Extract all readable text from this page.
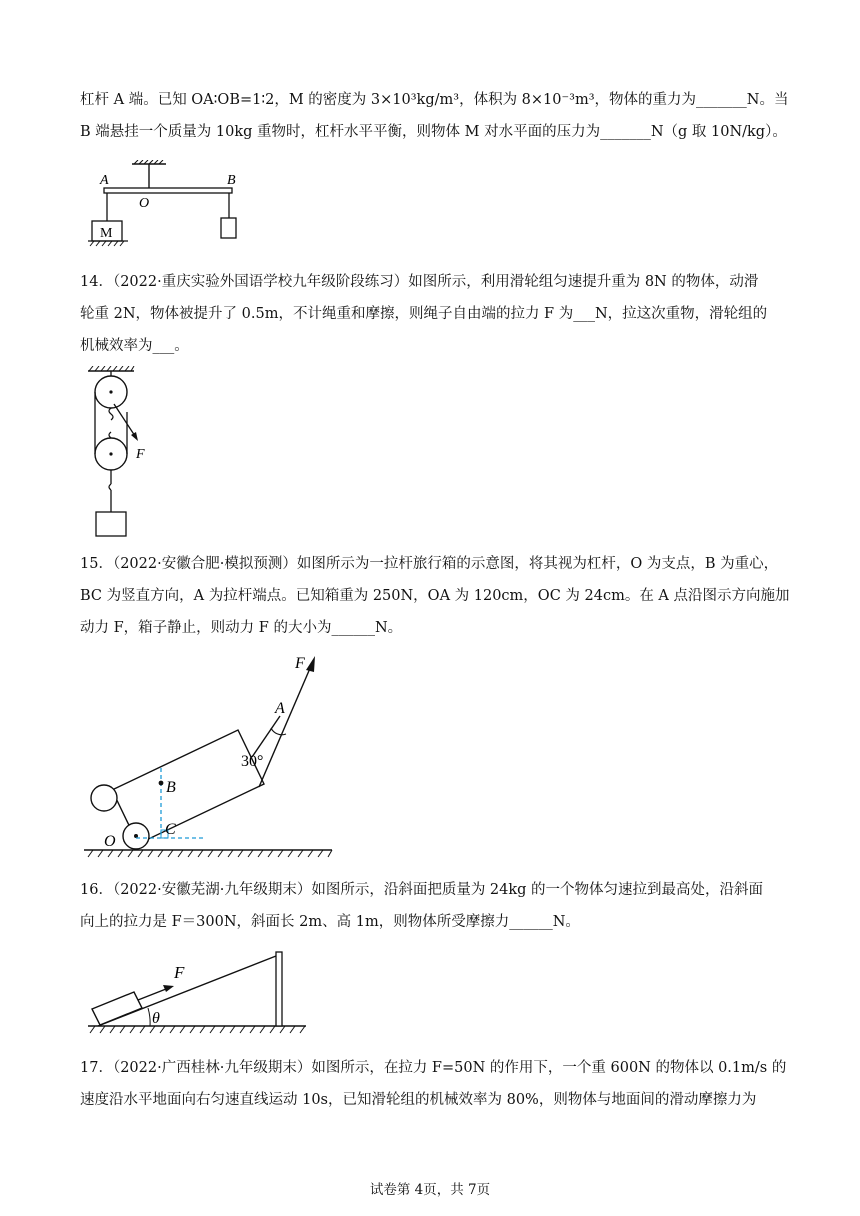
杠杆 A 端。已知 OA∶OB=1∶2，M 的密度为 3×10³kg/m³，体积为 8×10⁻³m³，物体的重力为_______N。当
B 端悬挂一个质量为 10kg 重物时，杠杆水平平衡，则物体 M 对水平面的压力为_______N（g 取 10N/kg）。
A	B
O
M
14．（2022·重庆实验外国语学校九年级阶段练习）如图所示，利用滑轮组匀速提升重为 8N 的物体，动滑
轮重 2N，物体被提升了 0.5m，不计绳重和摩擦，则绳子自由端的拉力 F 为___N，拉这次重物，滑轮组的
机械效率为___。
F
15．（2022·安徽合肥·模拟预测）如图所示为一拉杆旅行箱的示意图，将其视为杠杆，O 为支点，B 为重心，
BC 为竖直方向，A 为拉杆端点。已知箱重为 250N，OA 为 120cm，OC 为 24cm。在 A 点沿图示方向施加
动力 F，箱子静止，则动力 F 的大小为______N。
F
A
30°
B
C
O
16．（2022·安徽芜湖·九年级期末）如图所示，沿斜面把质量为 24kg 的一个物体匀速拉到最高处，沿斜面
向上的拉力是 F＝300N，斜面长 2m、高 1m，则物体所受摩擦力______N。
F
θ
17．（2022·广西桂林·九年级期末）如图所示，在拉力 F=50N 的作用下，一个重 600N 的物体以 0.1m/s 的
速度沿水平地面向右匀速直线运动 10s，已知滑轮组的机械效率为 80%，则物体与地面间的滑动摩擦力为
试卷第 4页，共 7页
